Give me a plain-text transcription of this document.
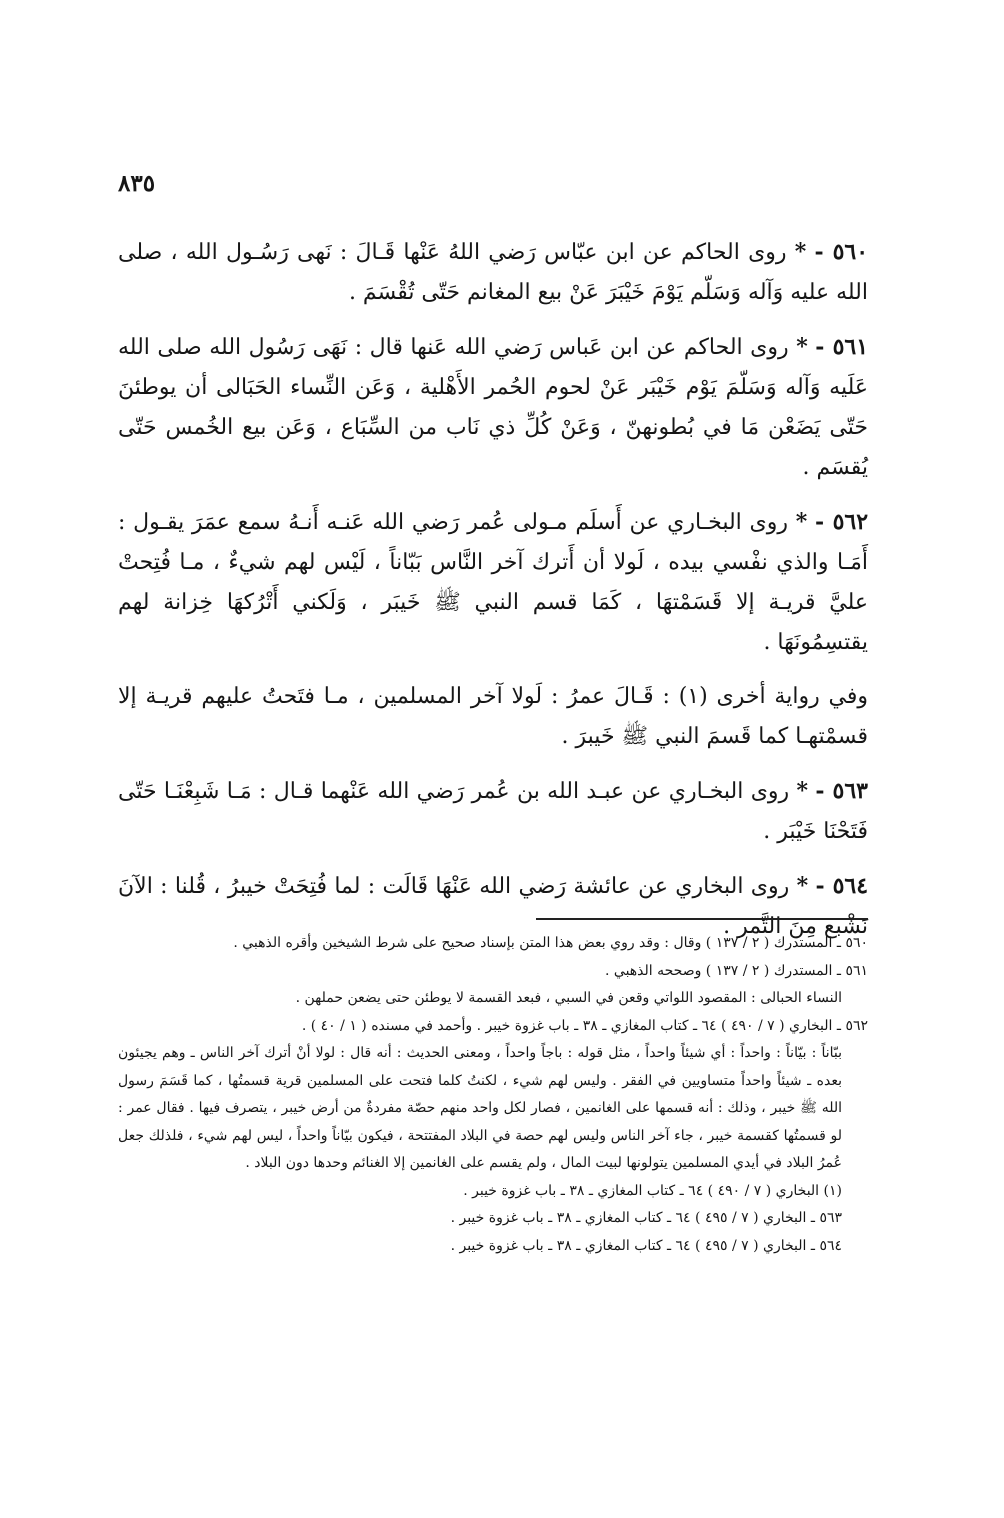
٨٣٥

٥٦٠ - * روى الحاكم عن ابن عبّاس رَضي اللهُ عَنْها قَـالَ : نَهى رَسُـول الله ، صلى الله عليه وَآله وَسَلّم يَوْمَ خَيْبَرَ عَنْ بيع المغانم حَتّى تُقْسَمَ .

٥٦١ - * روى الحاكم عن ابن عَباس رَضي الله عَنها قال : نَهَى رَسُول الله صلى الله عَلَيه وَآله وَسَلّمَ يَوْم خَيْبَر عَنْ لحوم الحُمر الأَهْلية ، وَعَن النِّساء الحَبَالى أن يوطئنَ حَتّى يَضَعْن مَا في بُطونهنّ ، وَعَنْ كُلِّ ذي نَاب من السِّبَاع ، وَعَن بيع الخُمس حَتّى يُقسَم .

٥٦٢ - * روى البخـاري عن أَسلَم مـولى عُمر رَضي الله عَنـه أَنـهُ سمع عمَرَ يقـول : أَمَـا والذي نفْسي بيده ، لَولا أن أَترك آخر النَّاس بَبّاناً ، لَيْس لهم شيءٌ ، مـا فُتِحتْ عليَّ قريـة إلا قَسَمْتهَا ، كَمَا قسم النبي ﷺ خَيبَر ، وَلَكني أَتْرُكهَا خِزانة لهم يقتسِمُونَهَا .

وفي رواية أخرى (١) : قَـالَ عمرُ : لَولا آخر المسلمين ، مـا فتَحتُ عليهم قريـة إلا قسمْتهـا كما قَسمَ النبي ﷺ خَيبرَ .

٥٦٣ - * روى البخـاري عن عبـد الله بن عُمر رَضي الله عَنْهما قـال : مَـا شَبِعْنَـا حَتّى فَتَحْنَا خَيْبَر .

٥٦٤ - * روى البخاري عن عائشة رَضي الله عَنْهَا قَالَت : لما فُتِحَتْ خيبرُ ، قُلنا : الآنَ نَشْبع مِنَ التَّمر .

٥٦٠ ـ المستدرك ( ٢ / ١٣٧ ) وقال : وقد روي بعض هذا المتن بإسناد صحيح على شرط الشيخين وأقره الذهبي .

٥٦١ ـ المستدرك ( ٢ / ١٣٧ ) وصححه الذهبي .

النساء الحبالى : المقصود اللواتي وقعن في السبي ، فبعد القسمة لا يوطئن حتى يضعن حملهن .

٥٦٢ ـ البخاري ( ٧ / ٤٩٠ ) ٦٤ ـ كتاب المغازي ـ ٣٨ ـ باب غزوة خيبر . وأحمد في مسنده ( ١ / ٤٠ ) .

ببّاناً : بيّاناً : واحداً : أي شيئاً واحداً ، مثل قوله : باجاً واحداً ، ومعنى الحديث : أنه قال : لولا أنْ أترك آخر الناس ـ وهم يجيئون بعده ـ شيئاً واحداً متساويين في الفقر . وليس لهم شيء ، لكنتُ كلما فتحت على المسلمين قرية قسمتُها ، كما قَسَمَ رسول الله ﷺ خيبر ، وذلك : أنه قسمها على الغانمين ، فصار لكل واحد منهم حصّة مفردةٌ من أرض خيبر ، يتصرف فيها . فقال عمر : لو قسمتُها كقسمة خيبر ، جاء آخر الناس وليس لهم حصة في البلاد المفتتحة ، فيكون بيّاناً واحداً ، ليس لهم شيء ، فلذلك جعل عُمرُ البلاد في أيدي المسلمين يتولونها لبيت المال ، ولم يقسم على الغانمين إلا الغنائم وحدها دون البلاد .

(١) البخاري ( ٧ / ٤٩٠ ) ٦٤ ـ كتاب المغازي ـ ٣٨ ـ باب غزوة خيبر .

٥٦٣ ـ البخاري ( ٧ / ٤٩٥ ) ٦٤ ـ كتاب المغازي ـ ٣٨ ـ باب غزوة خيبر .

٥٦٤ ـ البخاري ( ٧ / ٤٩٥ ) ٦٤ ـ كتاب المغازي ـ ٣٨ ـ باب غزوة خيبر .
